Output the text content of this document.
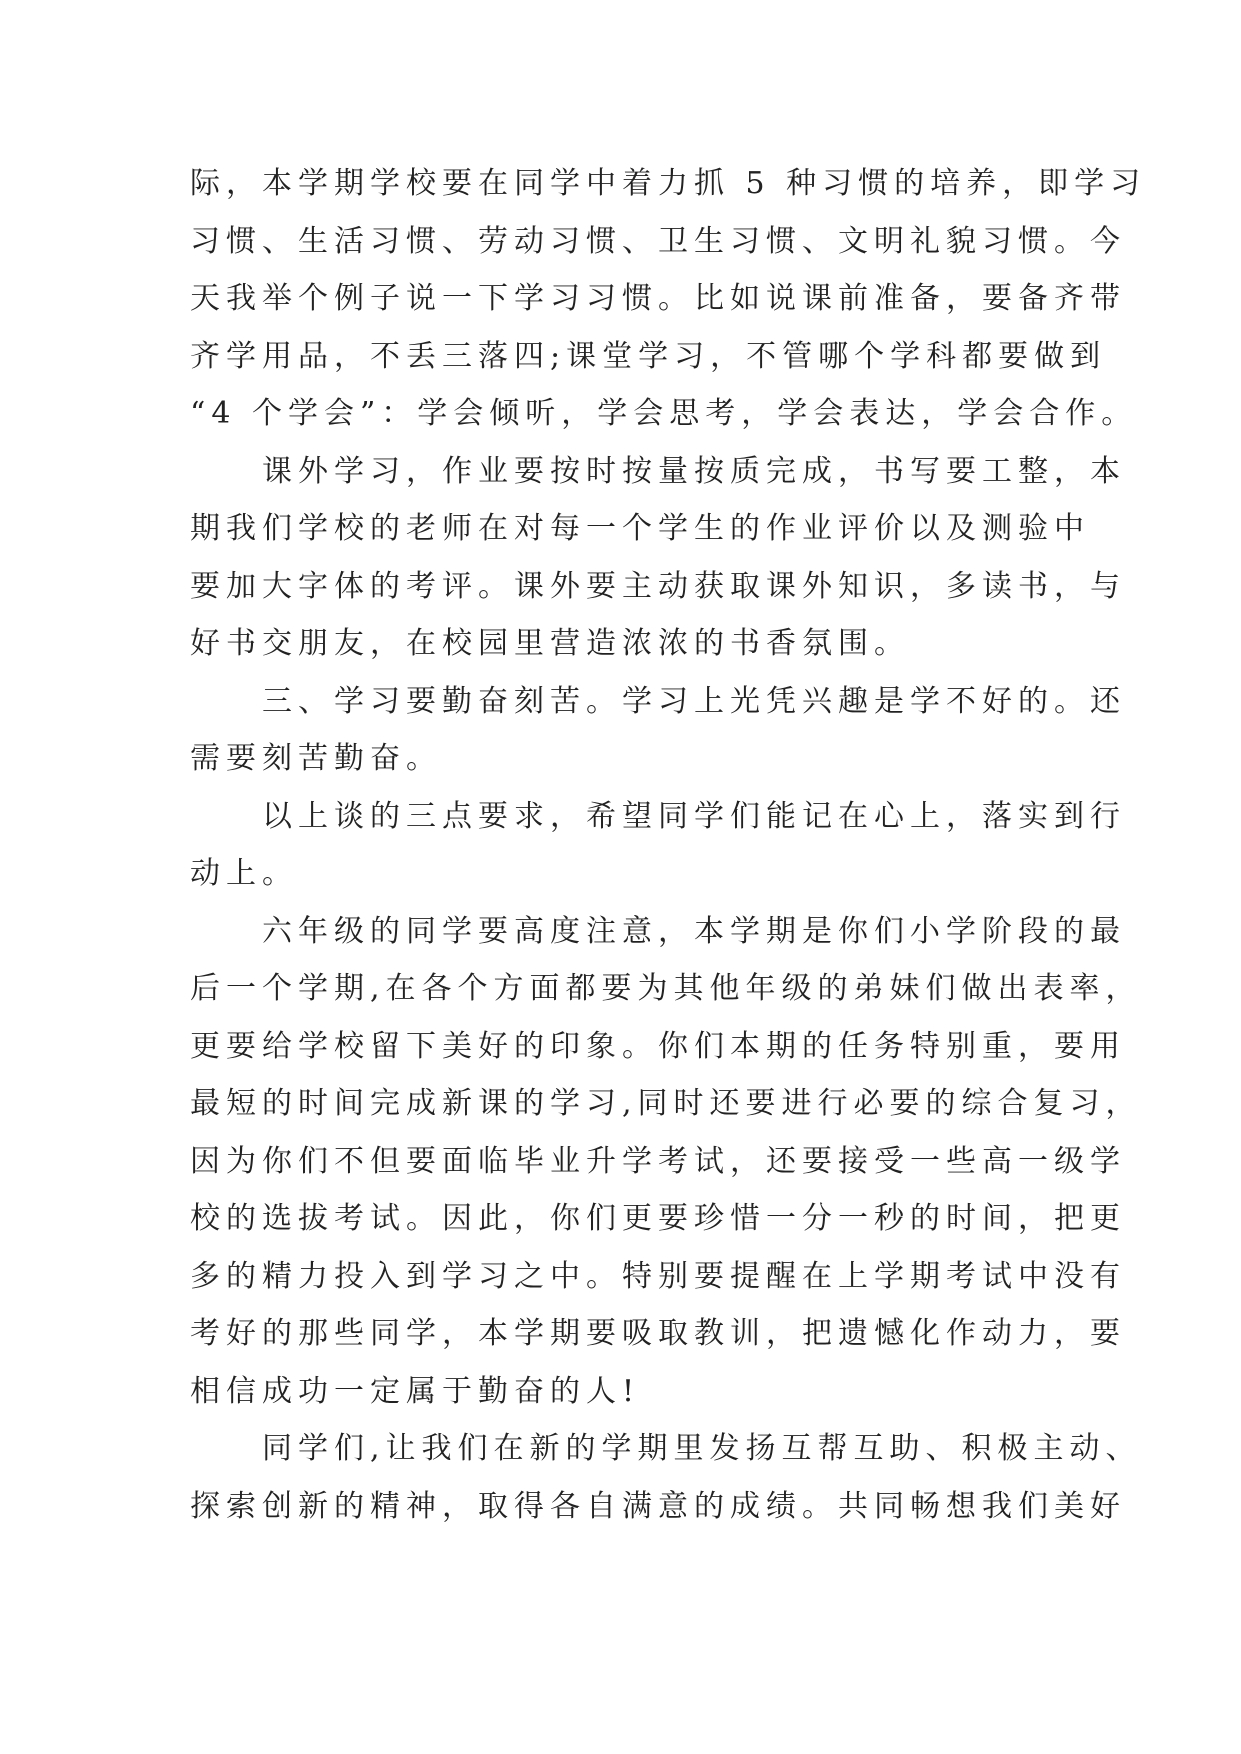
际，本学期学校要在同学中着力抓 5 种习惯的培养，即学习
习惯、生活习惯、劳动习惯、卫生习惯、文明礼貌习惯。今
天我举个例子说一下学习习惯。比如说课前准备，要备齐带
齐学用品，不丢三落四;课堂学习，不管哪个学科都要做到
“4 个学会”：学会倾听，学会思考，学会表达，学会合作。
课外学习，作业要按时按量按质完成，书写要工整，本
期我们学校的老师在对每一个学生的作业评价以及测验中
要加大字体的考评。课外要主动获取课外知识，多读书，与
好书交朋友，在校园里营造浓浓的书香氛围。
三、学习要勤奋刻苦。学习上光凭兴趣是学不好的。还
需要刻苦勤奋。
以上谈的三点要求，希望同学们能记在心上，落实到行
动上。
六年级的同学要高度注意，本学期是你们小学阶段的最
后一个学期,在各个方面都要为其他年级的弟妹们做出表率，
更要给学校留下美好的印象。你们本期的任务特别重，要用
最短的时间完成新课的学习,同时还要进行必要的综合复习，
因为你们不但要面临毕业升学考试，还要接受一些高一级学
校的选拔考试。因此，你们更要珍惜一分一秒的时间，把更
多的精力投入到学习之中。特别要提醒在上学期考试中没有
考好的那些同学，本学期要吸取教训，把遗憾化作动力，要
相信成功一定属于勤奋的人!
同学们,让我们在新的学期里发扬互帮互助、积极主动、
探索创新的精神，取得各自满意的成绩。共同畅想我们美好
